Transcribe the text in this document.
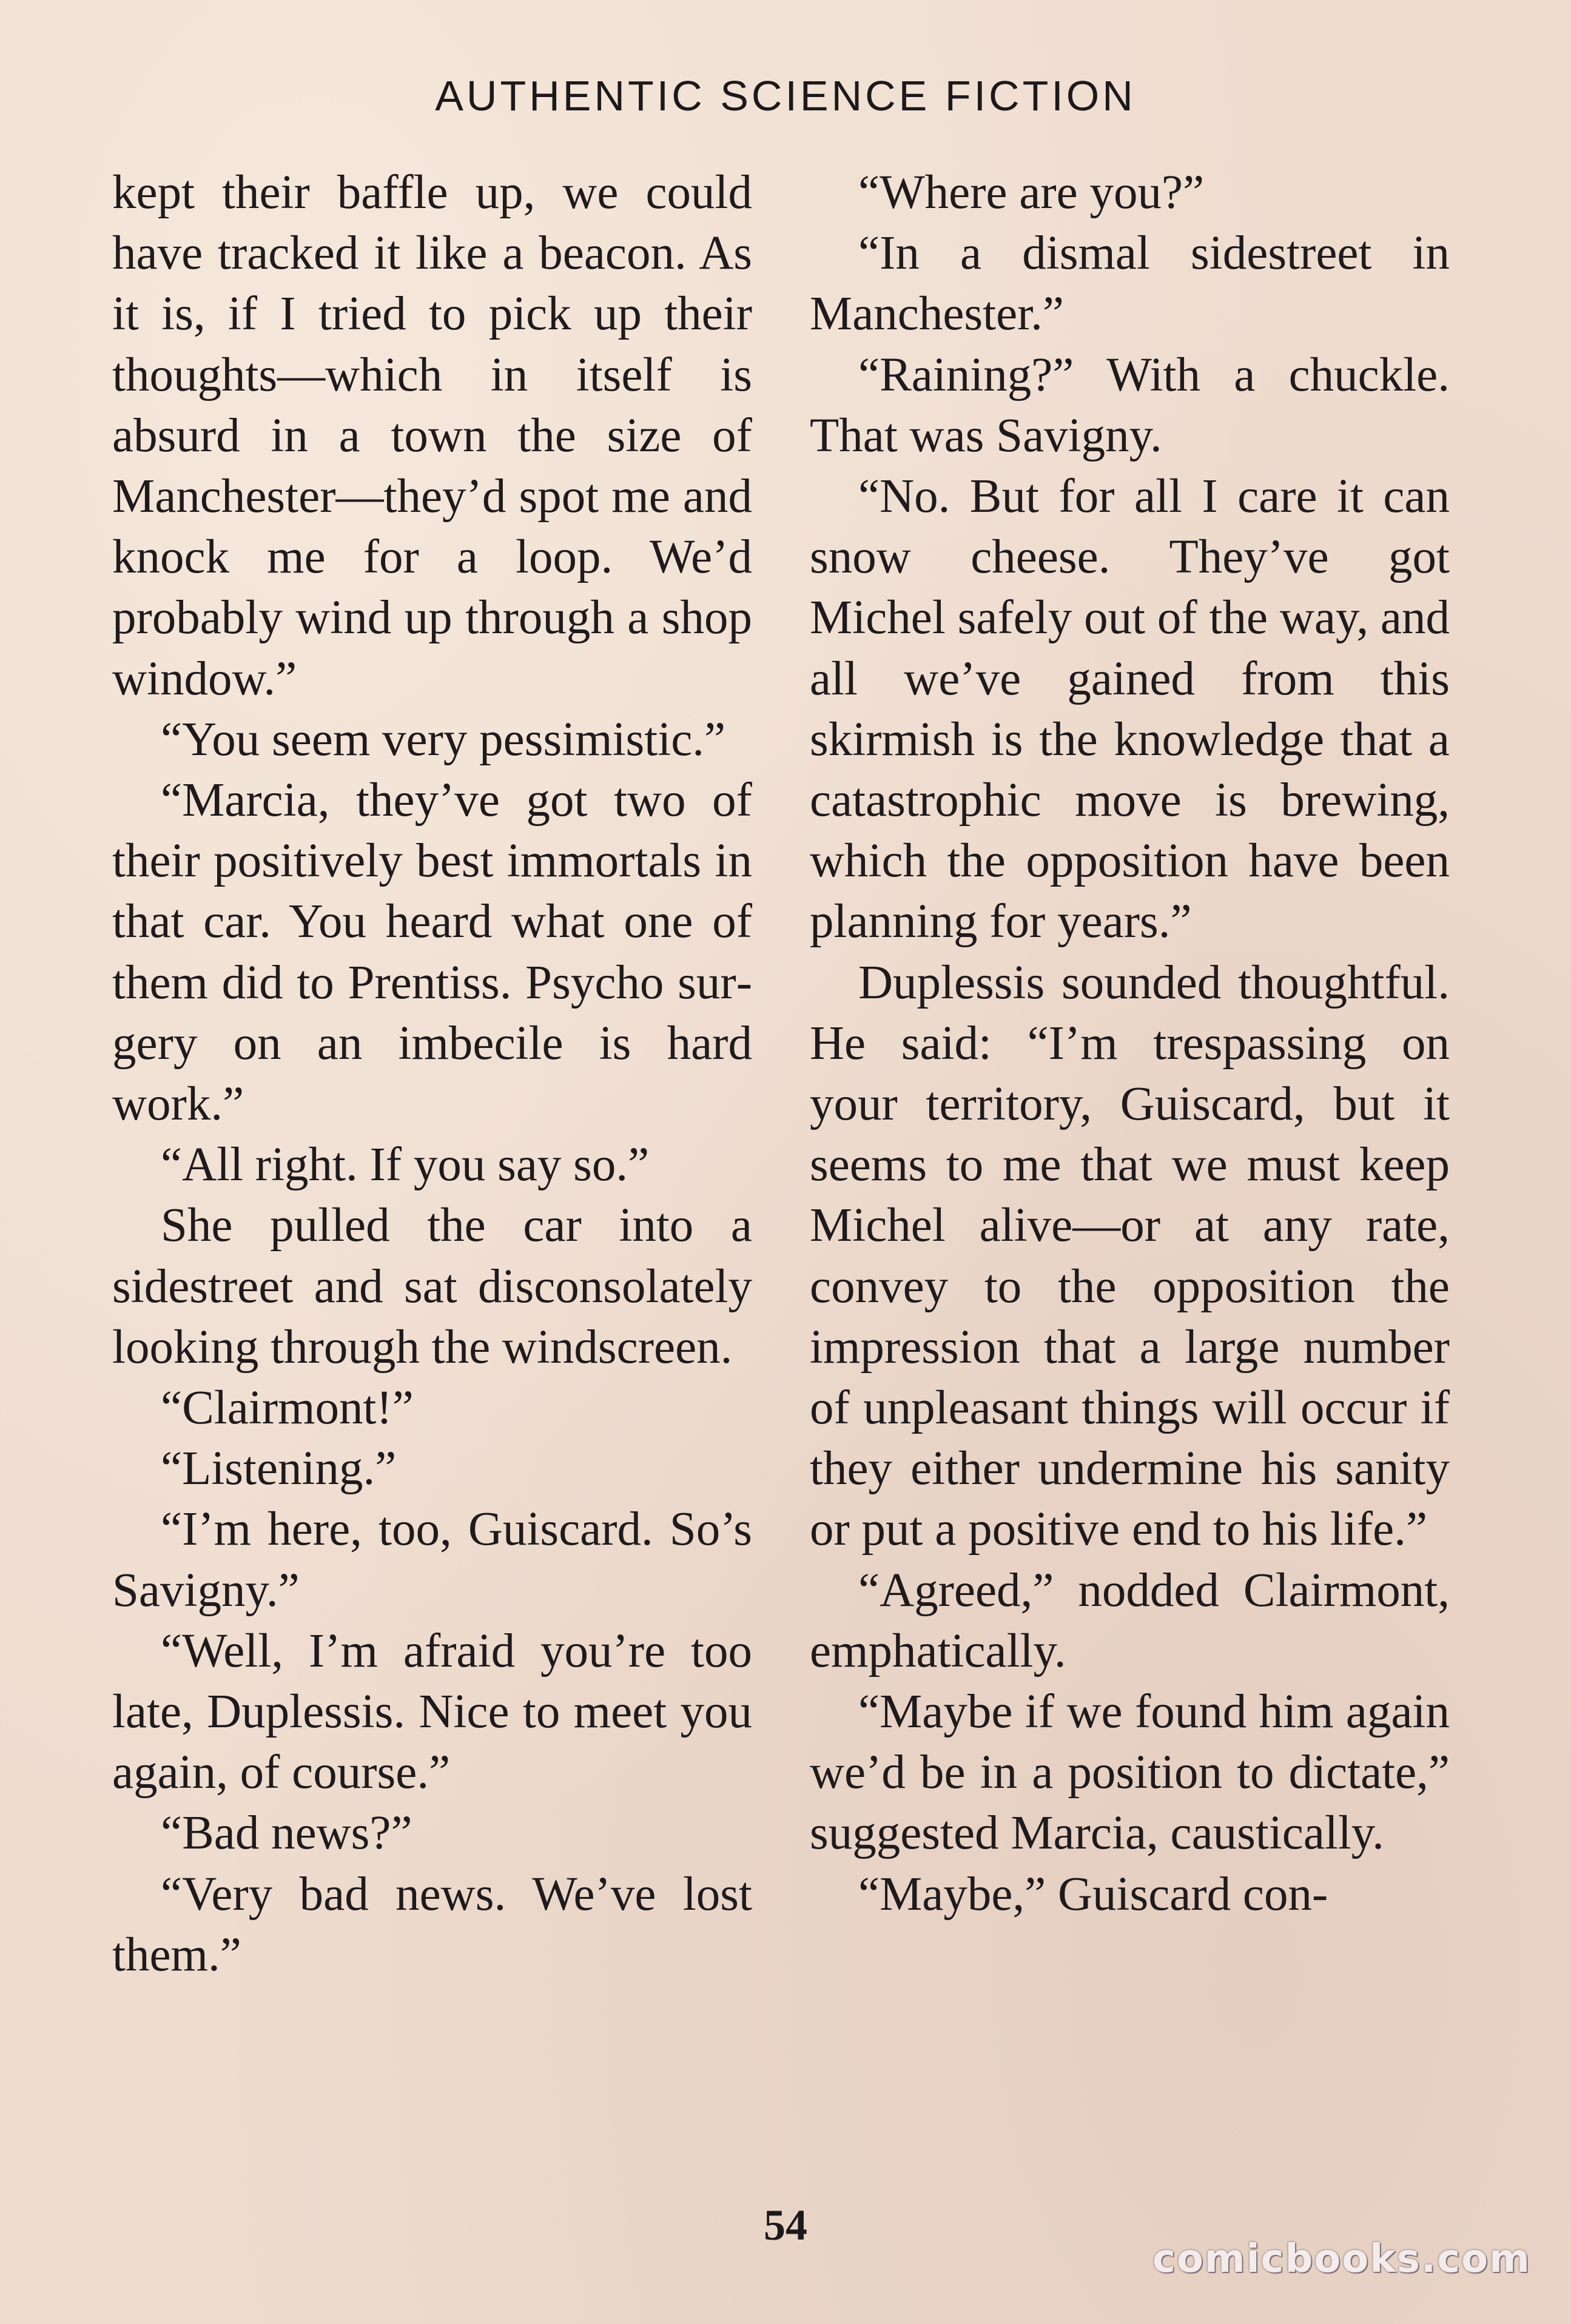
AUTHENTIC SCIENCE FICTION

kept their baffle up, we could have tracked it like a beacon. As it is, if I tried to pick up their thoughts—which in itself is absurd in a town the size of Manchester—they’d spot me and knock me for a loop. We’d probably wind up through a shop window.”

“You seem very pessimistic.”

“Marcia, they’ve got two of their positively best immortals in that car. You heard what one of them did to Prentiss. Psycho surgery on an imbecile is hard work.”

“All right. If you say so.”

She pulled the car into a sidestreet and sat disconsolately looking through the windscreen.

“Clairmont!”

“Listening.”

“I’m here, too, Guiscard. So’s Savigny.”

“Well, I’m afraid you’re too late, Duplessis. Nice to meet you again, of course.”

“Bad news?”

“Very bad news. We’ve lost them.”

“Where are you?”

“In a dismal sidestreet in Manchester.”

“Raining?” With a chuckle. That was Savigny.

“No. But for all I care it can snow cheese. They’ve got Michel safely out of the way, and all we’ve gained from this skirmish is the knowledge that a catastrophic move is brewing, which the opposition have been planning for years.”

Duplessis sounded thoughtful. He said: “I’m trespassing on your territory, Guiscard, but it seems to me that we must keep Michel alive—or at any rate, convey to the opposition the impression that a large number of unpleasant things will occur if they either undermine his sanity or put a positive end to his life.”

“Agreed,” nodded Clairmont, emphatically.

“Maybe if we found him again we’d be in a position to dictate,” suggested Marcia, caustically.

“Maybe,” Guiscard con-

54
comicbooks.com
